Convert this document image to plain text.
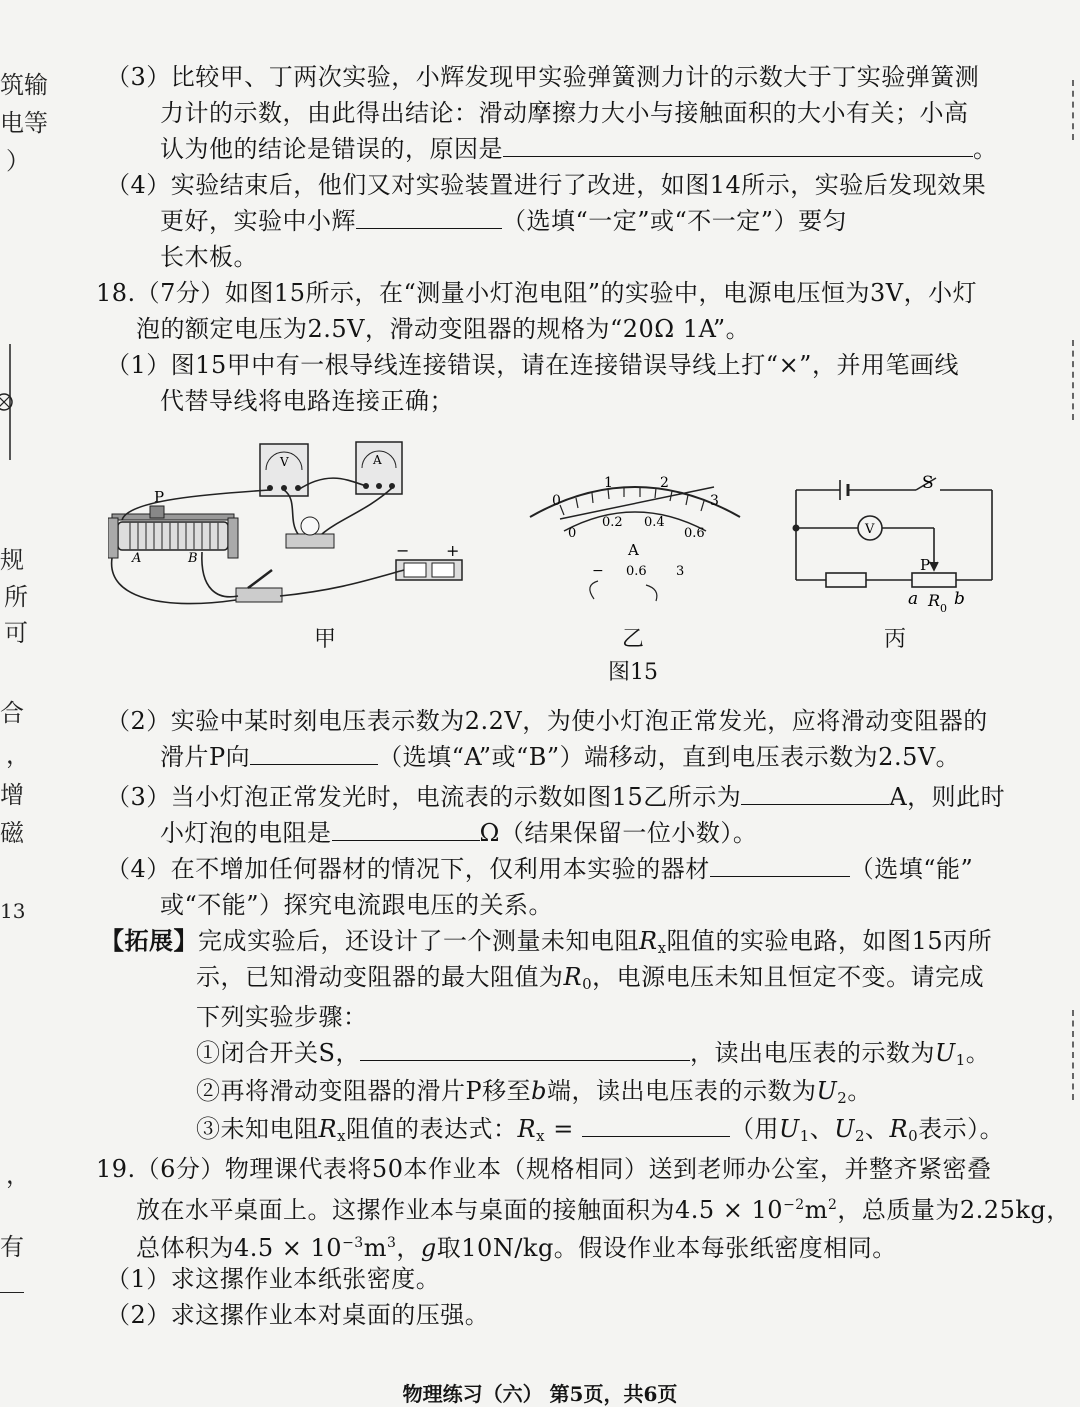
筑输
电等
）
规
所
可
合
，
增
磁
13
，
有
（3）比较甲、丁两次实验，小辉发现甲实验弹簧测力计的示数大于丁实验弹簧测
力计的示数，由此得出结论：滑动摩擦力大小与接触面积的大小有关；小高
认为他的结论是错误的，原因是	。
（4）实验结束后，他们又对实验装置进行了改进，如图14所示，实验后发现效果
更好，实验中小辉	（选填“一定”或“不一定”）要匀
长木板。
18.（7分）如图15所示，在“测量小灯泡电阻”的实验中，电源电压恒为3V，小灯
泡的额定电压为2.5V，滑动变阻器的规格为“20Ω 1A”。
（1）图15甲中有一根导线连接错误，请在连接错误导线上打“×”，并用笔画线
代替导线将电路连接正确；
P
A	B
V	A
− +
甲
0
1	2
3
0
0.2 0.4
0.6
A
− 0.6 3
乙
S
V
P
a R 0 b
丙
图15
（2）实验中某时刻电压表示数为2.2V，为使小灯泡正常发光，应将滑动变阻器的
滑片P向	（选填“A”或“B”）端移动，直到电压表示数为2.5V。
（3）当小灯泡正常发光时，电流表的示数如图15乙所示为	A，则此时
小灯泡的电阻是	Ω（结果保留一位小数）。
（4）在不增加任何器材的情况下，仅利用本实验的器材	（选填“能”
或“不能”）探究电流跟电压的关系。
【拓展】完成实验后，还设计了一个测量未知电阻$R_x$阻值的实验电路，如图15丙所
示，已知滑动变阻器的最大阻值为$R_0$，电源电压未知且恒定不变。请完成
下列实验步骤：
①闭合开关S，	，读出电压表的示数为$U_1$。
②再将滑动变阻器的滑片P移至b端，读出电压表的示数为$U_2$。
③未知电阻$R_x$阻值的表达式：$R_x$ =	（用$U_1$、$U_2$、$R_0$表示）。
19.（6分）物理课代表将50本作业本（规格相同）送到老师办公室，并整齐紧密叠
放在水平桌面上。这摞作业本与桌面的接触面积为$4.5 \times 10^{-2}m^2$，总质量为2.25kg，
总体积为$4.5 \times 10^{-3}m^3$，g取10N/kg。假设作业本每张纸密度相同。
（1）求这摞作业本纸张密度。
（2）求这摞作业本对桌面的压强。
物理练习（六） 第5页，共6页
